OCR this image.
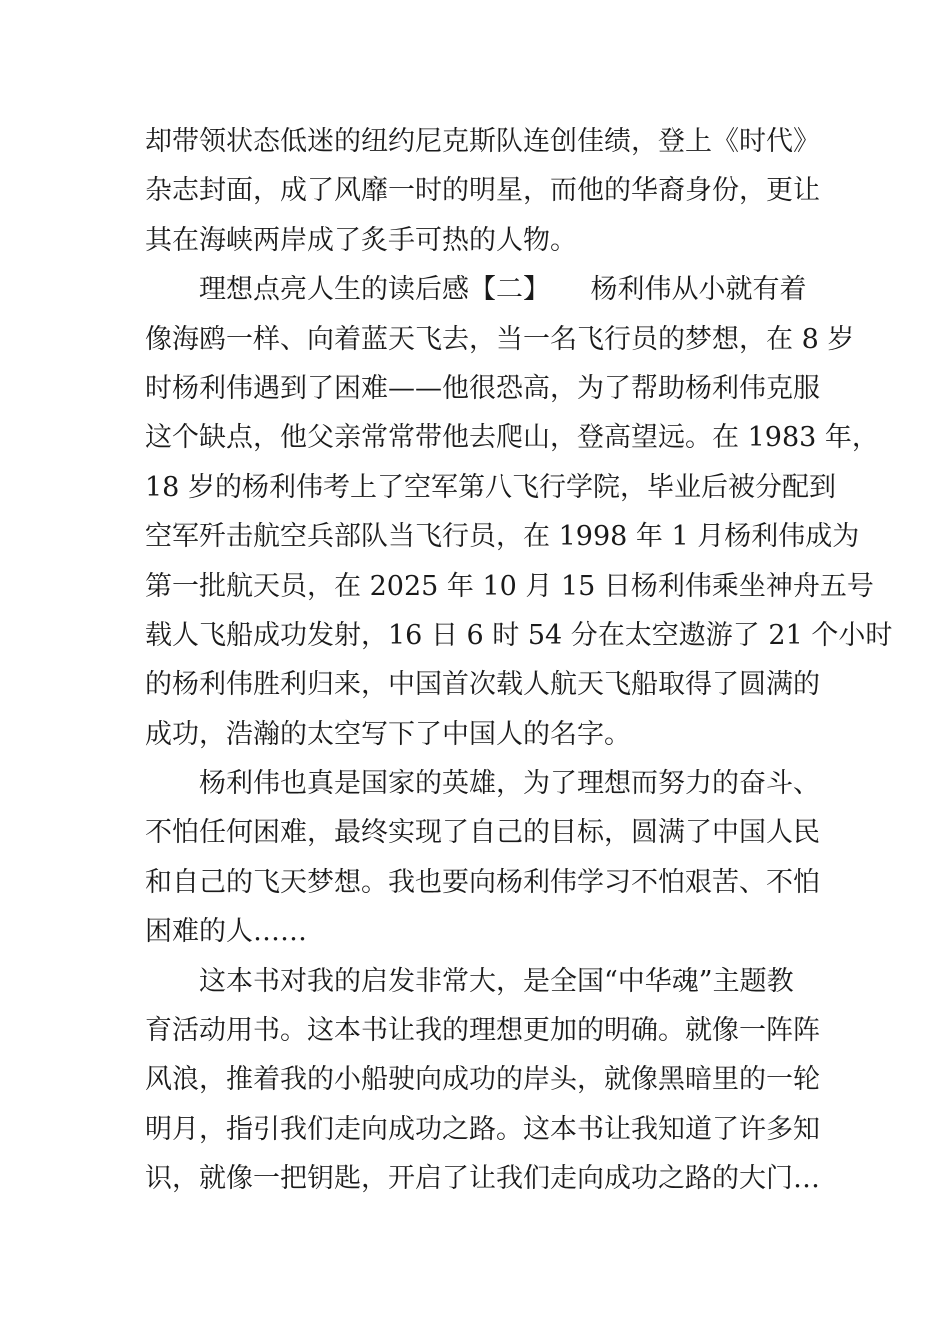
却带领状态低迷的纽约尼克斯队连创佳绩，登上《时代》
杂志封面，成了风靡一时的明星，而他的华裔身份，更让
其在海峡两岸成了炙手可热的人物。
　　理想点亮人生的读后感【二】　　杨利伟从小就有着
像海鸥一样、向着蓝天飞去，当一名飞行员的梦想，在 8 岁
时杨利伟遇到了困难——他很恐高，为了帮助杨利伟克服
这个缺点，他父亲常常带他去爬山，登高望远。在 1983 年，
18 岁的杨利伟考上了空军第八飞行学院，毕业后被分配到
空军歼击航空兵部队当飞行员，在 1998 年 1 月杨利伟成为
第一批航天员，在 2025 年 10 月 15 日杨利伟乘坐神舟五号
载人飞船成功发射，16 日 6 时 54 分在太空遨游了 21 个小时
的杨利伟胜利归来，中国首次载人航天飞船取得了圆满的
成功，浩瀚的太空写下了中国人的名字。
　　杨利伟也真是国家的英雄，为了理想而努力的奋斗、
不怕任何困难，最终实现了自己的目标，圆满了中国人民
和自己的飞天梦想。我也要向杨利伟学习不怕艰苦、不怕
困难的人……
　　这本书对我的启发非常大，是全国“中华魂”主题教
育活动用书。这本书让我的理想更加的明确。就像一阵阵
风浪，推着我的小船驶向成功的岸头，就像黑暗里的一轮
明月，指引我们走向成功之路。这本书让我知道了许多知
识，就像一把钥匙，开启了让我们走向成功之路的大门…
